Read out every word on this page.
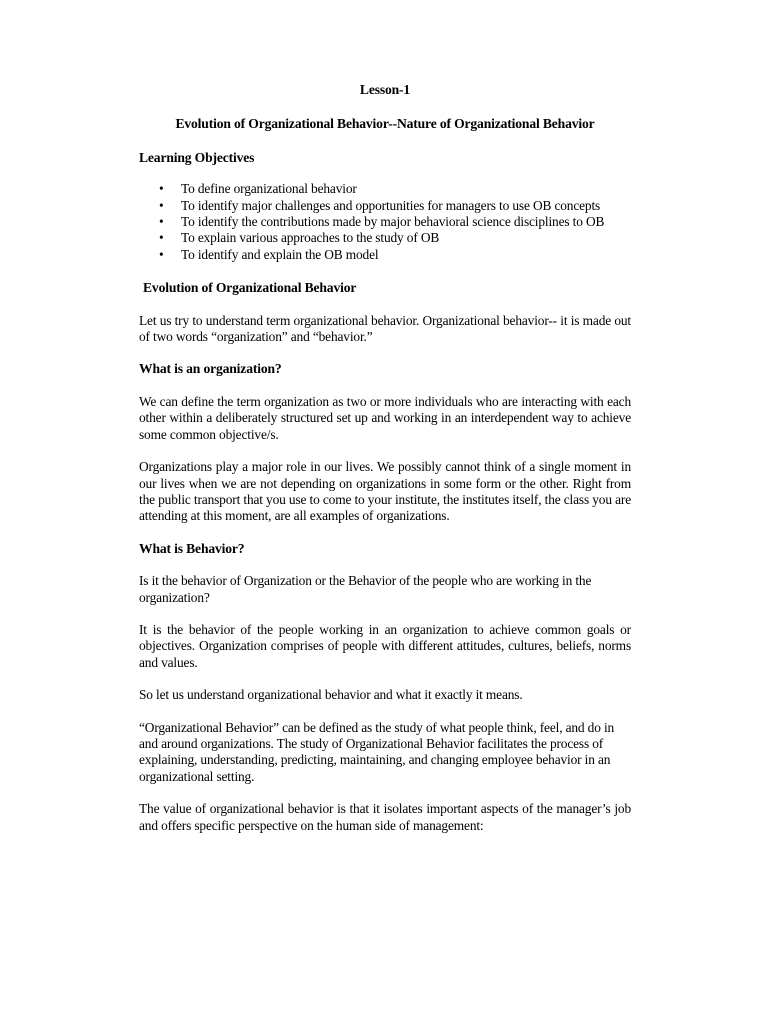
Lesson-1
Evolution of Organizational Behavior--Nature of Organizational Behavior
Learning Objectives
• To define organizational behavior
• To identify major challenges and opportunities for managers to use OB concepts
• To identify the contributions made by major behavioral science disciplines to OB
• To explain various approaches to the study of OB
• To identify and explain the OB model
Evolution of Organizational Behavior

Let us try to understand term organizational behavior. Organizational behavior-- it is made out of two words “organization” and “behavior.”

What is an organization?

We can define the term organization as two or more individuals who are interacting with each other within a deliberately structured set up and working in an interdependent way to achieve some common objective/s.

Organizations play a major role in our lives. We possibly cannot think of a single moment in our lives when we are not depending on organizations in some form or the other. Right from the public transport that you use to come to your institute, the institutes itself, the class you are attending at this moment, are all examples of organizations.

What is Behavior?

Is it the behavior of Organization or the Behavior of the people who are working in the organization?

It is the behavior of the people working in an organization to achieve common goals or objectives. Organization comprises of people with different attitudes, cultures, beliefs, norms and values.

So let us understand organizational behavior and what it exactly it means.

“Organizational Behavior” can be defined as the study of what people think, feel, and do in and around organizations. The study of Organizational Behavior facilitates the process of explaining, understanding, predicting, maintaining, and changing employee behavior in an organizational setting.

The value of organizational behavior is that it isolates important aspects of the manager’s job and offers specific perspective on the human side of management:
